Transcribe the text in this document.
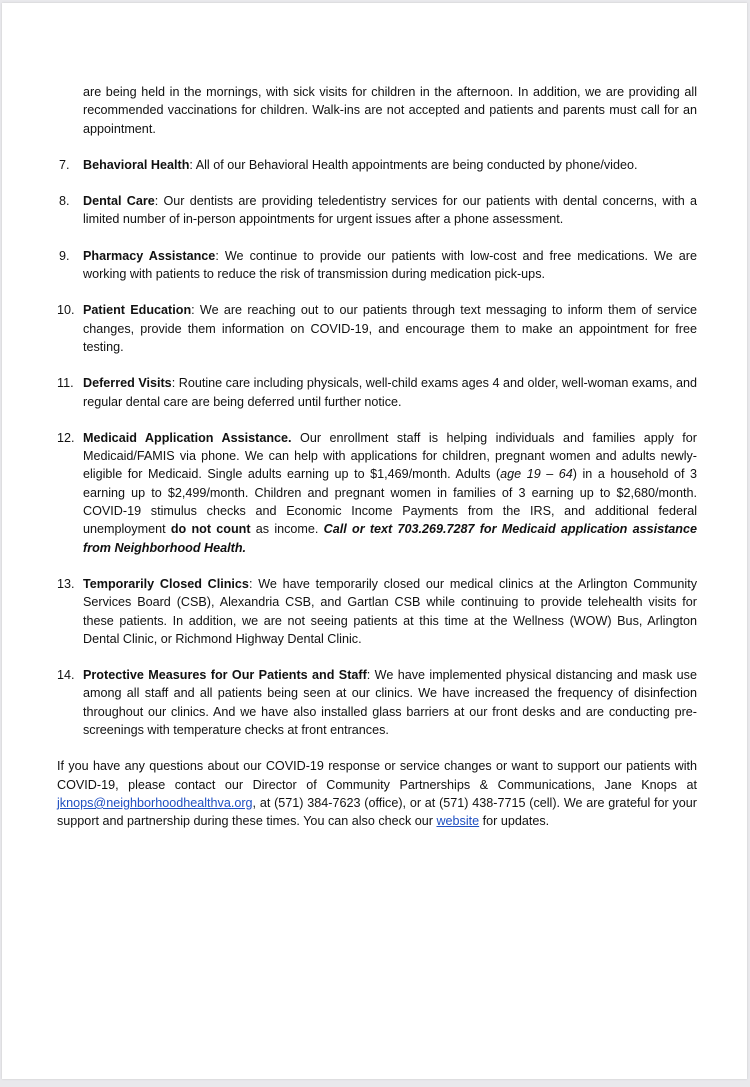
are being held in the mornings, with sick visits for children in the afternoon. In addition, we are providing all recommended vaccinations for children. Walk-ins are not accepted and patients and parents must call for an appointment.

7. Behavioral Health: All of our Behavioral Health appointments are being conducted by phone/video.
8. Dental Care: Our dentists are providing teledentistry services for our patients with dental concerns, with a limited number of in-person appointments for urgent issues after a phone assessment.
9. Pharmacy Assistance: We continue to provide our patients with low-cost and free medications. We are working with patients to reduce the risk of transmission during medication pick-ups.
10. Patient Education: We are reaching out to our patients through text messaging to inform them of service changes, provide them information on COVID-19, and encourage them to make an appointment for free testing.
11. Deferred Visits: Routine care including physicals, well-child exams ages 4 and older, well-woman exams, and regular dental care are being deferred until further notice.
12. Medicaid Application Assistance. Our enrollment staff is helping individuals and families apply for Medicaid/FAMIS via phone. We can help with applications for children, pregnant women and adults newly-eligible for Medicaid. Single adults earning up to $1,469/month. Adults (age 19 – 64) in a household of 3 earning up to $2,499/month. Children and pregnant women in families of 3 earning up to $2,680/month. COVID-19 stimulus checks and Economic Income Payments from the IRS, and additional federal unemployment do not count as income. Call or text 703.269.7287 for Medicaid application assistance from Neighborhood Health.
13. Temporarily Closed Clinics: We have temporarily closed our medical clinics at the Arlington Community Services Board (CSB), Alexandria CSB, and Gartlan CSB while continuing to provide telehealth visits for these patients. In addition, we are not seeing patients at this time at the Wellness (WOW) Bus, Arlington Dental Clinic, or Richmond Highway Dental Clinic.
14. Protective Measures for Our Patients and Staff: We have implemented physical distancing and mask use among all staff and all patients being seen at our clinics. We have increased the frequency of disinfection throughout our clinics. And we have also installed glass barriers at our front desks and are conducting pre-screenings with temperature checks at front entrances.

If you have any questions about our COVID-19 response or service changes or want to support our patients with COVID-19, please contact our Director of Community Partnerships & Communications, Jane Knops at jknops@neighborhoodhealthva.org, at (571) 384-7623 (office), or at (571) 438-7715 (cell). We are grateful for your support and partnership during these times. You can also check our website for updates.
